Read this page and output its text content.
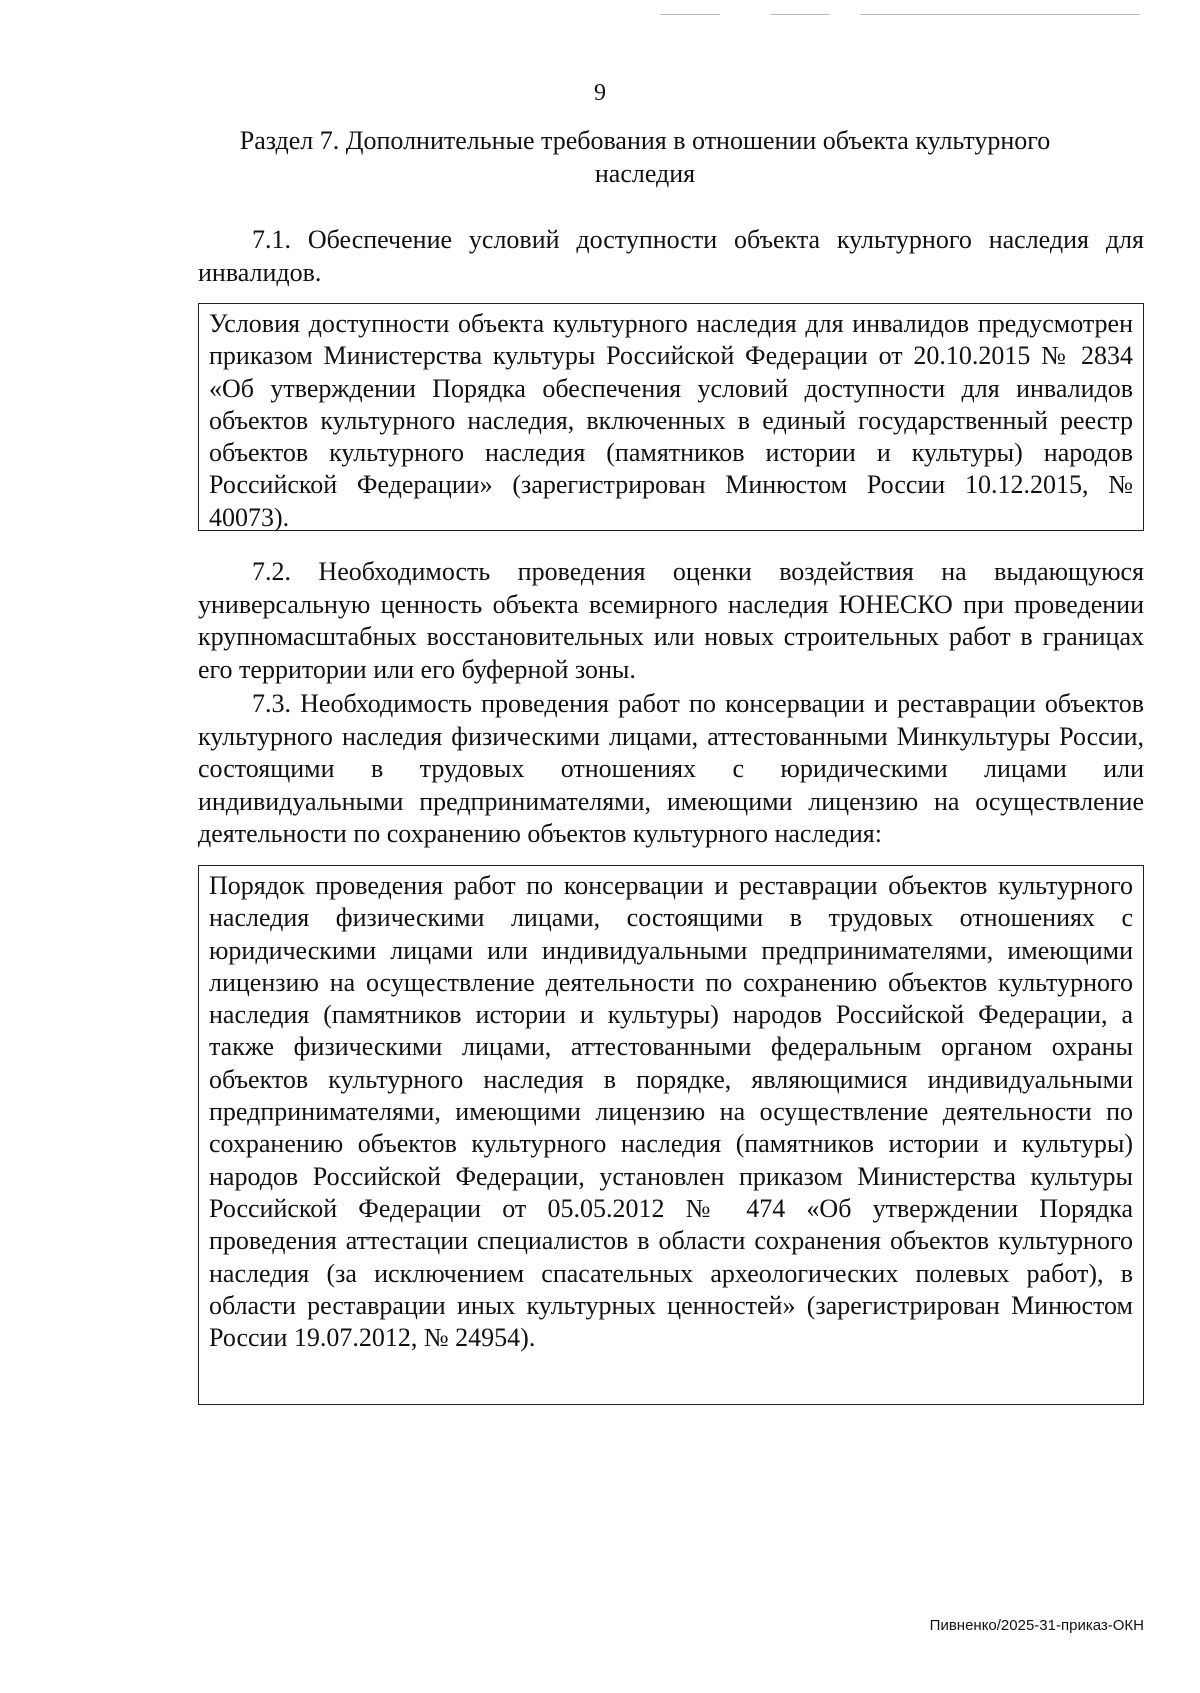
9
Раздел 7. Дополнительные требования в отношении объекта культурного наследия

7.1. Обеспечение условий доступности объекта культурного наследия для инвалидов.

Условия доступности объекта культурного наследия для инвалидов предусмотрен приказом Министерства культуры Российской Федерации от 20.10.2015 № 2834 «Об утверждении Порядка обеспечения условий доступности для инвалидов объектов культурного наследия, включенных в единый государственный реестр объектов культурного наследия (памятников истории и культуры) народов Российской Федерации» (зарегистрирован Минюстом России 10.12.2015, № 40073).

7.2. Необходимость проведения оценки воздействия на выдающуюся универсальную ценность объекта всемирного наследия ЮНЕСКО при проведении крупномасштабных восстановительных или новых строительных работ в границах его территории или его буферной зоны.

7.3. Необходимость проведения работ по консервации и реставрации объектов культурного наследия физическими лицами, аттестованными Минкультуры России, состоящими в трудовых отношениях с юридическими лицами или индивидуальными предпринимателями, имеющими лицензию на осуществление деятельности по сохранению объектов культурного наследия:

Порядок проведения работ по консервации и реставрации объектов культурного наследия физическими лицами, состоящими в трудовых отношениях с юридическими лицами или индивидуальными предпринимателями, имеющими лицензию на осуществление деятельности по сохранению объектов культурного наследия (памятников истории и культуры) народов Российской Федерации, а также физическими лицами, аттестованными федеральным органом охраны объектов культурного наследия в порядке, являющимися индивидуальными предпринимателями, имеющими лицензию на осуществление деятельности по сохранению объектов культурного наследия (памятников истории и культуры) народов Российской Федерации, установлен приказом Министерства культуры Российской Федерации от 05.05.2012 № 474 «Об утверждении Порядка проведения аттестации специалистов в области сохранения объектов культурного наследия (за исключением спасательных археологических полевых работ), в области реставрации иных культурных ценностей» (зарегистрирован Минюстом России 19.07.2012, № 24954).
Пивненко/2025-31-приказ-ОКН
